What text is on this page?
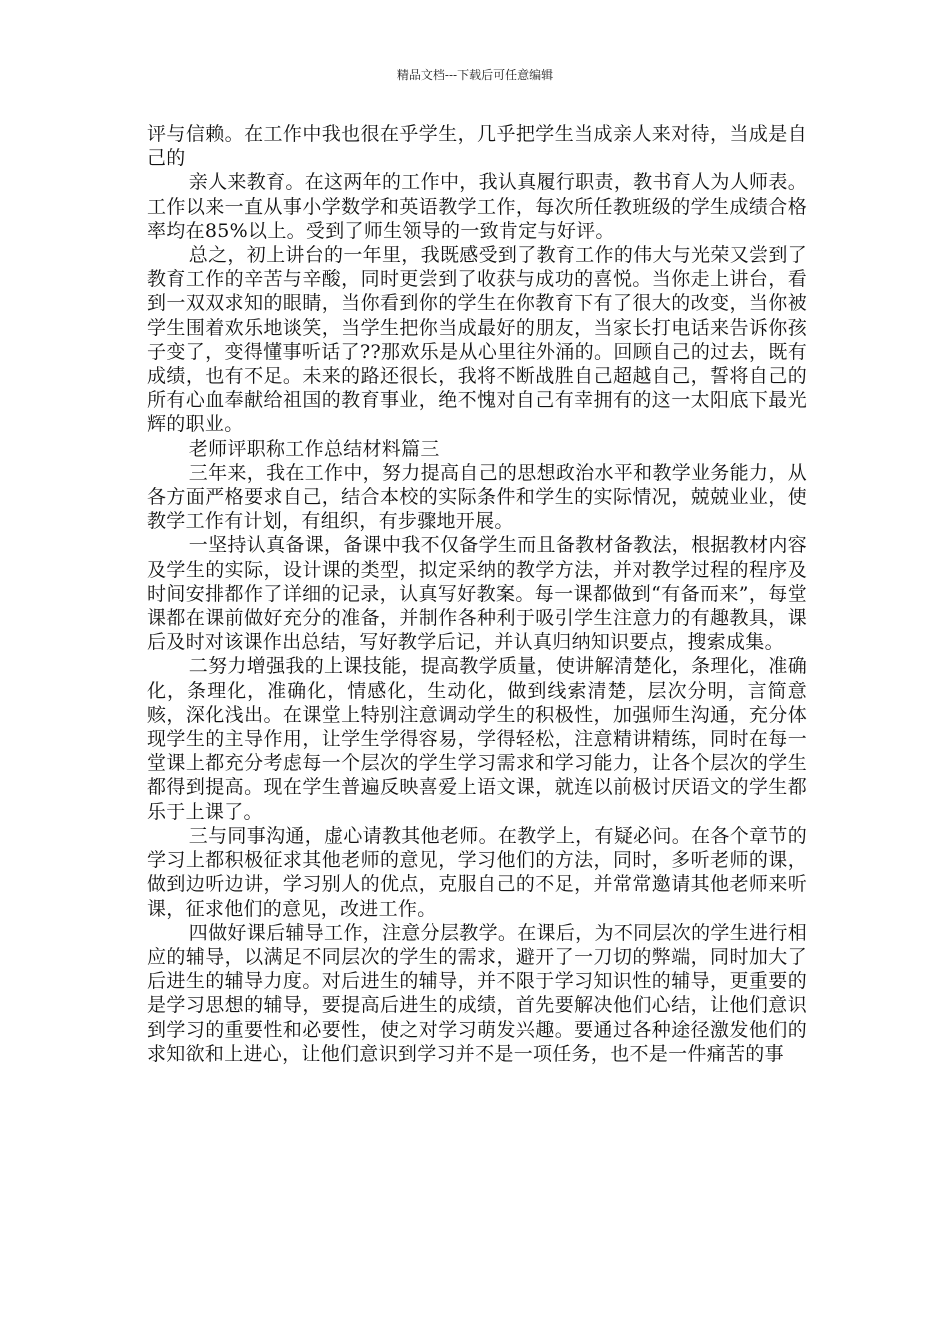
精品文档---下载后可任意编辑

评与信赖。在工作中我也很在乎学生，几乎把学生当成亲人来对待，当成是自己的

亲人来教育。在这两年的工作中，我认真履行职责，教书育人为人师表。工作以来一直从事小学数学和英语教学工作，每次所任教班级的学生成绩合格率均在85%以上。受到了师生领导的一致肯定与好评。

总之，初上讲台的一年里，我既感受到了教育工作的伟大与光荣又尝到了教育工作的辛苦与辛酸，同时更尝到了收获与成功的喜悦。当你走上讲台，看到一双双求知的眼睛，当你看到你的学生在你教育下有了很大的改变，当你被学生围着欢乐地谈笑，当学生把你当成最好的朋友，当家长打电话来告诉你孩子变了，变得懂事听话了??那欢乐是从心里往外涌的。回顾自己的过去，既有成绩，也有不足。未来的路还很长，我将不断战胜自己超越自己，誓将自己的所有心血奉献给祖国的教育事业，绝不愧对自己有幸拥有的这一太阳底下最光辉的职业。

老师评职称工作总结材料篇三

三年来，我在工作中，努力提高自己的思想政治水平和教学业务能力，从各方面严格要求自己，结合本校的实际条件和学生的实际情况，兢兢业业，使教学工作有计划，有组织，有步骤地开展。

一坚持认真备课，备课中我不仅备学生而且备教材备教法，根据教材内容及学生的实际，设计课的类型，拟定采纳的教学方法，并对教学过程的程序及时间安排都作了详细的记录，认真写好教案。每一课都做到“有备而来”，每堂课都在课前做好充分的准备，并制作各种利于吸引学生注意力的有趣教具，课后及时对该课作出总结，写好教学后记，并认真归纳知识要点，搜索成集。

二努力增强我的上课技能，提高教学质量，使讲解清楚化，条理化，准确化，条理化，准确化，情感化，生动化，做到线索清楚，层次分明，言简意赅，深化浅出。在课堂上特别注意调动学生的积极性，加强师生沟通，充分体现学生的主导作用，让学生学得容易，学得轻松，注意精讲精练，同时在每一堂课上都充分考虑每一个层次的学生学习需求和学习能力，让各个层次的学生都得到提高。现在学生普遍反映喜爱上语文课，就连以前极讨厌语文的学生都乐于上课了。

三与同事沟通，虚心请教其他老师。在教学上，有疑必问。在各个章节的学习上都积极征求其他老师的意见，学习他们的方法，同时，多听老师的课，做到边听边讲，学习别人的优点，克服自己的不足，并常常邀请其他老师来听课，征求他们的意见，改进工作。

四做好课后辅导工作，注意分层教学。在课后，为不同层次的学生进行相应的辅导，以满足不同层次的学生的需求，避开了一刀切的弊端，同时加大了后进生的辅导力度。对后进生的辅导，并不限于学习知识性的辅导，更重要的是学习思想的辅导，要提高后进生的成绩，首先要解决他们心结，让他们意识到学习的重要性和必要性，使之对学习萌发兴趣。要通过各种途径激发他们的求知欲和上进心，让他们意识到学习并不是一项任务，也不是一件痛苦的事
